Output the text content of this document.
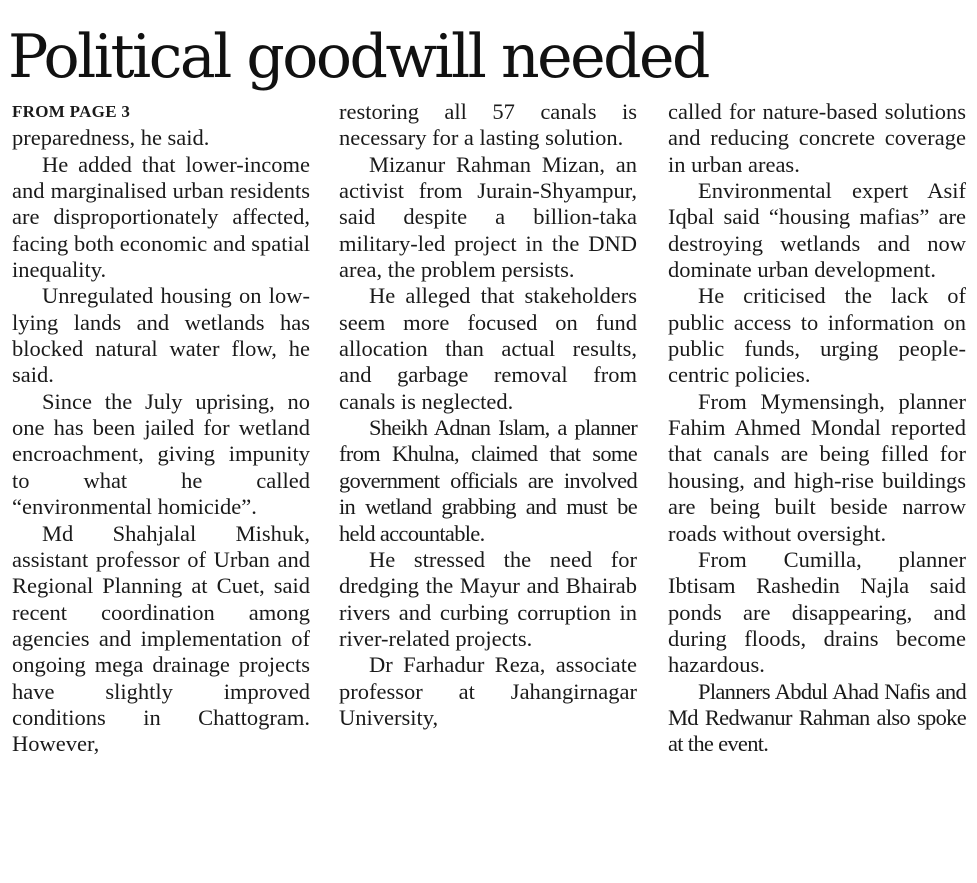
Political goodwill needed
FROM PAGE 3

preparedness, he said.

He added that lower-income and marginalised urban residents are disproportionately affected, facing both economic and spatial inequality.

Unregulated housing on low-lying lands and wetlands has blocked natural water flow, he said.

Since the July uprising, no one has been jailed for wetland encroachment, giving impunity to what he called “environmental homicide”.

Md Shahjalal Mishuk, assistant professor of Urban and Regional Planning at Cuet, said recent coordination among agencies and implementation of ongoing mega drainage projects have slightly improved conditions in Chattogram. However,

restoring all 57 canals is necessary for a lasting solution.

Mizanur Rahman Mizan, an activist from Jurain-Shyampur, said despite a billion-taka military-led project in the DND area, the problem persists.

He alleged that stakeholders seem more focused on fund allocation than actual results, and garbage removal from canals is neglected.

Sheikh Adnan Islam, a planner from Khulna, claimed that some government officials are involved in wetland grabbing and must be held accountable.

He stressed the need for dredging the Mayur and Bhairab rivers and curbing corruption in river-related projects.

Dr Farhadur Reza, associate professor at Jahangirnagar University,

called for nature-based solutions and reducing concrete coverage in urban areas.

Environmental expert Asif Iqbal said “housing mafias” are destroying wetlands and now dominate urban development.

He criticised the lack of public access to information on public funds, urging people-centric policies.

From Mymensingh, planner Fahim Ahmed Mondal reported that canals are being filled for housing, and high-rise buildings are being built beside narrow roads without oversight.

From Cumilla, planner Ibtisam Rashedin Najla said ponds are disappearing, and during floods, drains become hazardous.

Planners Abdul Ahad Nafis and Md Redwanur Rahman also spoke at the event.
